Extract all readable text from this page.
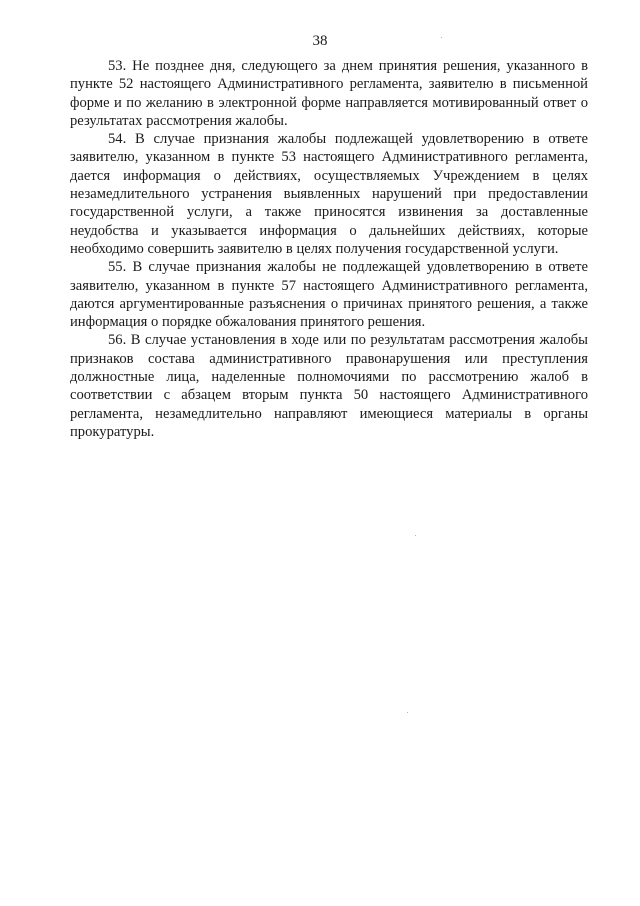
38

53. Не позднее дня, следующего за днем принятия решения, указанного в пункте 52 настоящего Административного регламента, заявителю в письменной форме и по желанию в электронной форме направляется мотивированный ответ о результатах рассмотрения жалобы.

54. В случае признания жалобы подлежащей удовлетворению в ответе заявителю, указанном в пункте 53 настоящего Административного регламента, дается информация о действиях, осуществляемых Учреждением в целях незамедлительного устранения выявленных нарушений при предоставлении государственной услуги, а также приносятся извинения за доставленные неудобства и указывается информация о дальнейших действиях, которые необходимо совершить заявителю в целях получения государственной услуги.

55. В случае признания жалобы не подлежащей удовлетворению в ответе заявителю, указанном в пункте 57 настоящего Административного регламента, даются аргументированные разъяснения о причинах принятого решения, а также информация о порядке обжалования принятого решения.

56. В случае установления в ходе или по результатам рассмотрения жалобы признаков состава административного правонарушения или преступления должностные лица, наделенные полномочиями по рассмотрению жалоб в соответствии с абзацем вторым пункта 50 настоящего Административного регламента, незамедлительно направляют имеющиеся материалы в органы прокуратуры.
